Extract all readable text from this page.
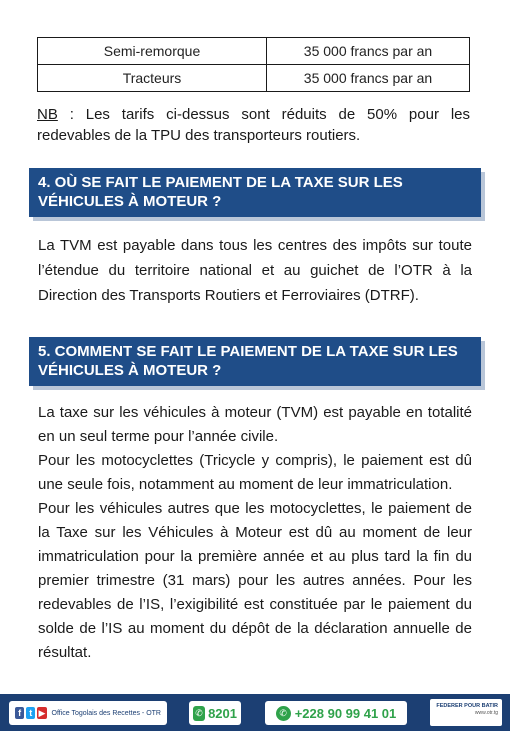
Semi-remorque	35 000 francs par an
Tracteurs	35 000 francs par an
NB : Les tarifs ci-dessus sont réduits de 50% pour les redevables de la TPU des transporteurs routiers.
4. OÙ SE FAIT LE PAIEMENT DE LA TAXE SUR LES
VÉHICULES À MOTEUR ?

La TVM est payable dans tous les centres des impôts sur toute l’étendue du territoire national et au guichet de l’OTR à la Direction des Transports Routiers et Ferroviaires (DTRF).

5. COMMENT SE FAIT LE PAIEMENT DE LA TAXE SUR LES
VÉHICULES À MOTEUR ?

La taxe sur les véhicules à moteur (TVM) est payable en totalité en un seul terme pour l’année civile.

Pour les motocyclettes (Tricycle y compris), le paiement est dû une seule fois, notamment au moment de leur immatriculation.

Pour les véhicules autres que les motocyclettes, le paiement de la Taxe sur les Véhicules à Moteur est dû au moment de leur immatriculation pour la première année et au plus tard la fin du premier trimestre (31 mars) pour les autres années. Pour les redevables de l’IS, l’exigibilité est constituée par le paiement du solde de l’IS au moment du dépôt de la déclaration annuelle de résultat.

f t ▶ Office Togolais des Recettes - OTR	✆ 8201	✆ +228 90 99 41 01	FEDERER POUR BATIR
www.otr.tg
